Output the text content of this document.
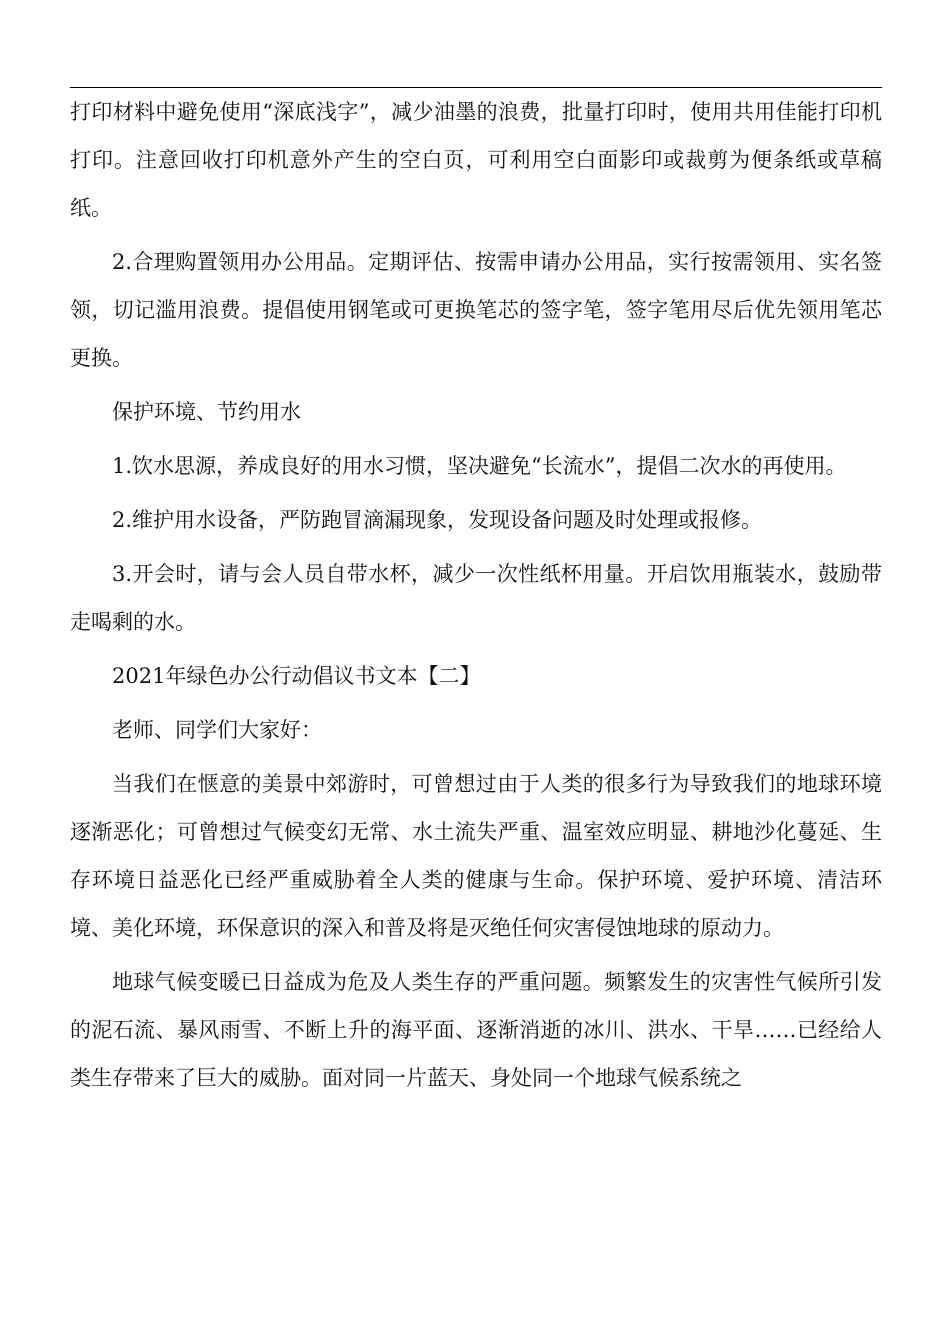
打印材料中避免使用“深底浅字”，减少油墨的浪费，批量打印时，使用共用佳能打印机打印。注意回收打印机意外产生的空白页，可利用空白面影印或裁剪为便条纸或草稿纸。

2.合理购置领用办公用品。定期评估、按需申请办公用品，实行按需领用、实名签领，切记滥用浪费。提倡使用钢笔或可更换笔芯的签字笔，签字笔用尽后优先领用笔芯更换。

保护环境、节约用水

1.饮水思源，养成良好的用水习惯，坚决避免“长流水”，提倡二次水的再使用。

2.维护用水设备，严防跑冒滴漏现象，发现设备问题及时处理或报修。

3.开会时，请与会人员自带水杯，减少一次性纸杯用量。开启饮用瓶装水，鼓励带走喝剩的水。

2021年绿色办公行动倡议书文本【二】

老师、同学们大家好：

当我们在惬意的美景中郊游时，可曾想过由于人类的很多行为导致我们的地球环境逐渐恶化；可曾想过气候变幻无常、水土流失严重、温室效应明显、耕地沙化蔓延、生存环境日益恶化已经严重威胁着全人类的健康与生命。保护环境、爱护环境、清洁环境、美化环境，环保意识的深入和普及将是灭绝任何灾害侵蚀地球的原动力。

地球气候变暖已日益成为危及人类生存的严重问题。频繁发生的灾害性气候所引发的泥石流、暴风雨雪、不断上升的海平面、逐渐消逝的冰川、洪水、干旱……已经给人类生存带来了巨大的威胁。面对同一片蓝天、身处同一个地球气候系统之
